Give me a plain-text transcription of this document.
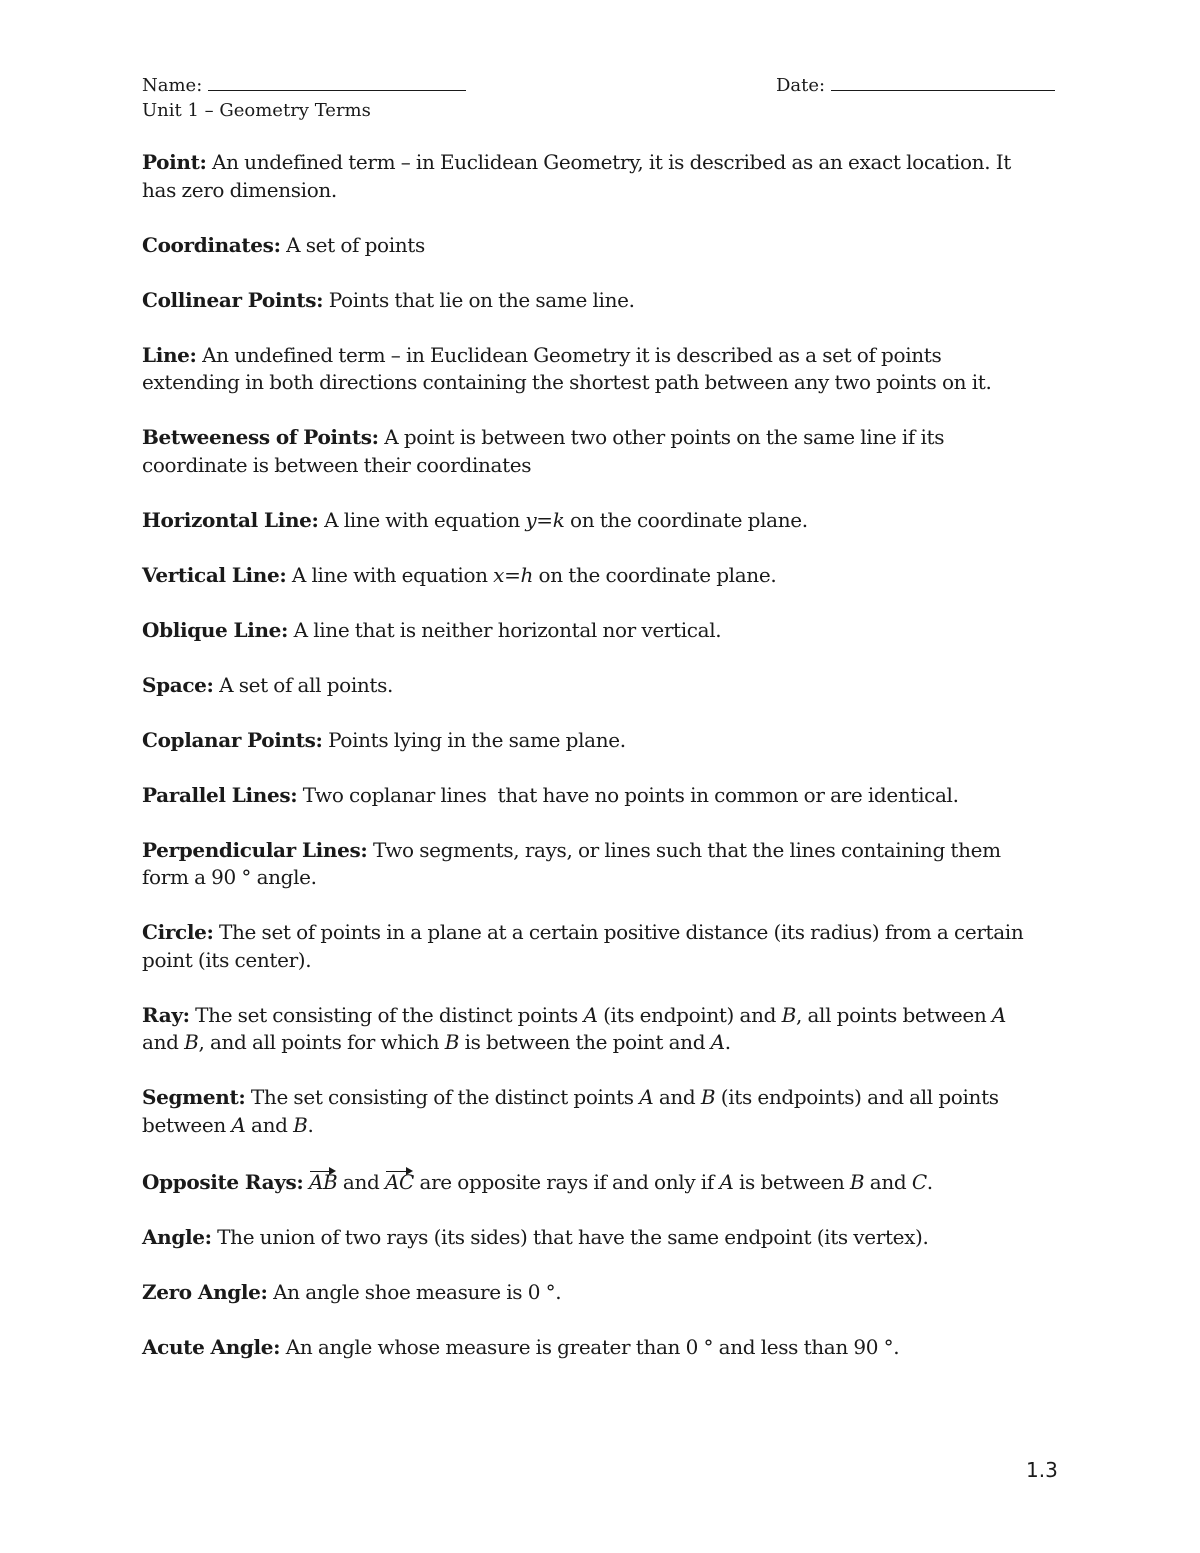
Name:	Date:
Unit 1 – Geometry Terms

Point: An undefined term – in Euclidean Geometry, it is described as an exact location. It
has zero dimension.

Coordinates: A set of points

Collinear Points: Points that lie on the same line.

Line: An undefined term – in Euclidean Geometry it is described as a set of points
extending in both directions containing the shortest path between any two points on it.

Betweeness of Points: A point is between two other points on the same line if its
coordinate is between their coordinates

Horizontal Line: A line with equation y=k on the coordinate plane.

Vertical Line: A line with equation x=h on the coordinate plane.

Oblique Line: A line that is neither horizontal nor vertical.

Space: A set of all points.

Coplanar Points: Points lying in the same plane.

Parallel Lines: Two coplanar lines  that have no points in common or are identical.

Perpendicular Lines: Two segments, rays, or lines such that the lines containing them
form a 90 ° angle.

Circle: The set of points in a plane at a certain positive distance (its radius) from a certain
point (its center).

Ray: The set consisting of the distinct points A (its endpoint) and B, all points between A
and B, and all points for which B is between the point and A.

Segment: The set consisting of the distinct points A and B (its endpoints) and all points
between A and B.

Opposite Rays: AB and AC are opposite rays if and only if A is between B and C.

Angle: The union of two rays (its sides) that have the same endpoint (its vertex).

Zero Angle: An angle shoe measure is 0 °.

Acute Angle: An angle whose measure is greater than 0 ° and less than 90 °.

1.3
